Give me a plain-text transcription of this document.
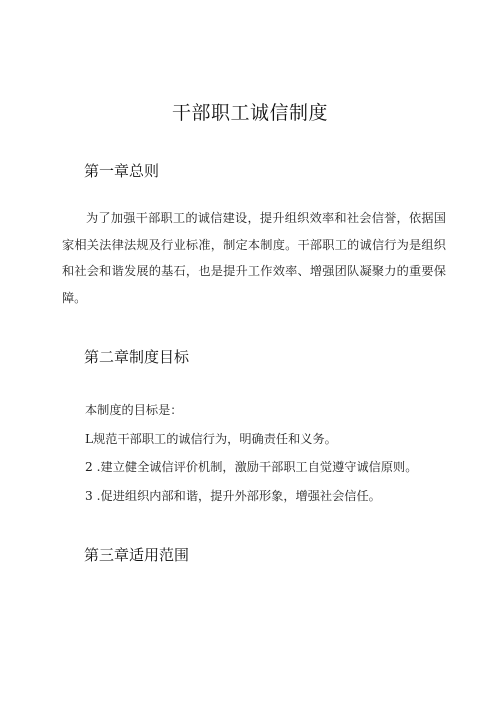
干部职工诚信制度
第一章总则
为了加强干部职工的诚信建设，提升组织效率和社会信誉，依据国家相关法律法规及行业标准，制定本制度。干部职工的诚信行为是组织和社会和谐发展的基石，也是提升工作效率、增强团队凝聚力的重要保障。
第二章制度目标
本制度的目标是：
L规范干部职工的诚信行为，明确责任和义务。
2 .建立健全诚信评价机制，激励干部职工自觉遵守诚信原则。
3 .促进组织内部和谐，提升外部形象，增强社会信任。
第三章适用范围
